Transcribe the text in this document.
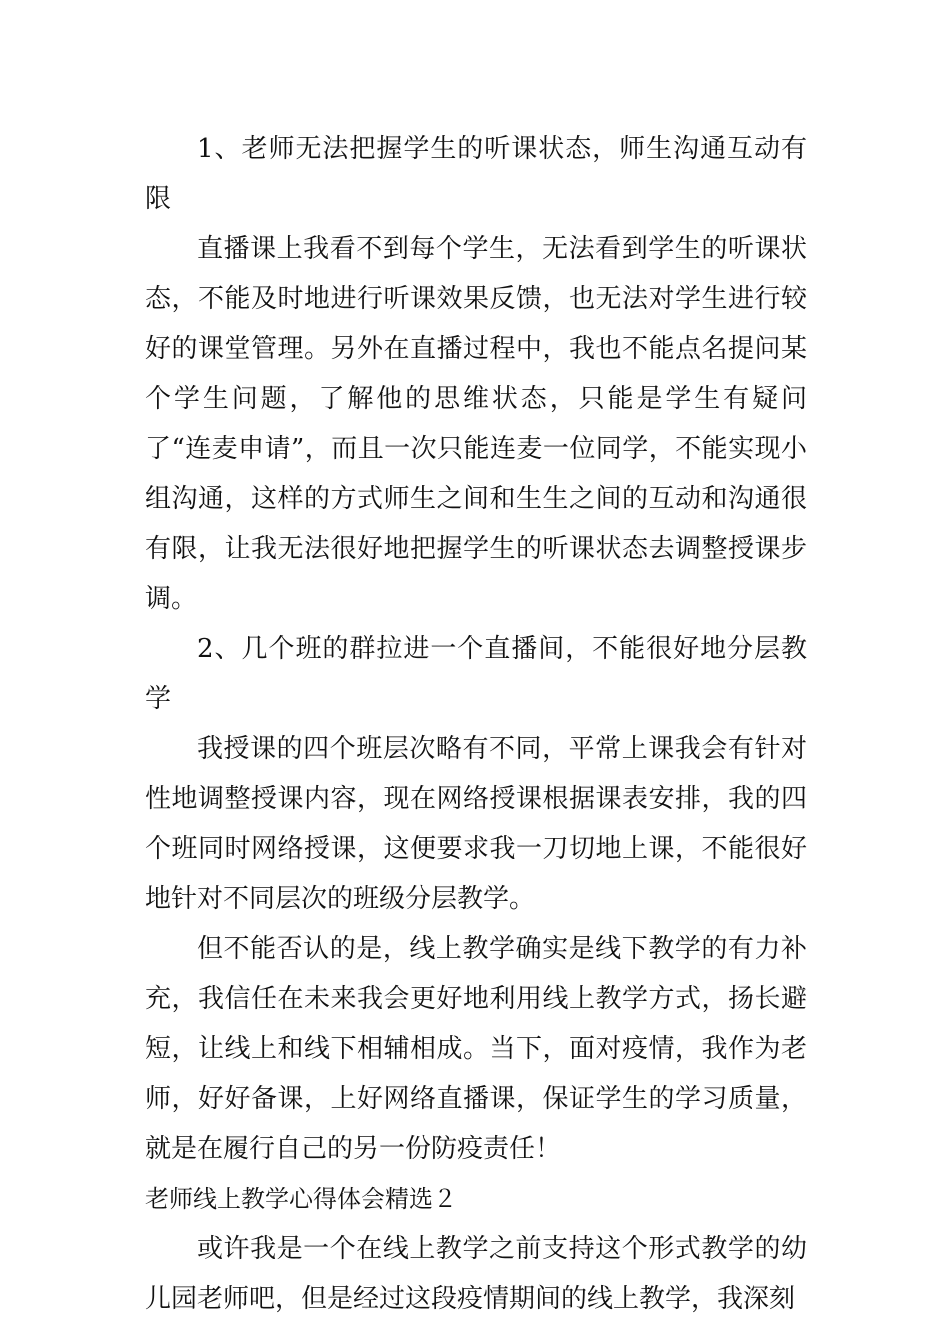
1、老师无法把握学生的听课状态，师生沟通互动有限

直播课上我看不到每个学生，无法看到学生的听课状态，不能及时地进行听课效果反馈，也无法对学生进行较好的课堂管理。另外在直播过程中，我也不能点名提问某个学生问题，了解他的思维状态，只能是学生有疑问了“连麦申请”，而且一次只能连麦一位同学，不能实现小组沟通，这样的方式师生之间和生生之间的互动和沟通很有限，让我无法很好地把握学生的听课状态去调整授课步调。

2、几个班的群拉进一个直播间，不能很好地分层教学

我授课的四个班层次略有不同，平常上课我会有针对性地调整授课内容，现在网络授课根据课表安排，我的四个班同时网络授课，这便要求我一刀切地上课，不能很好地针对不同层次的班级分层教学。

但不能否认的是，线上教学确实是线下教学的有力补充，我信任在未来我会更好地利用线上教学方式，扬长避短，让线上和线下相辅相成。当下，面对疫情，我作为老师，好好备课，上好网络直播课，保证学生的学习质量，就是在履行自己的另一份防疫责任！

老师线上教学心得体会精选２

或许我是一个在线上教学之前支持这个形式教学的幼儿园老师吧，但是经过这段疫情期间的线上教学，我深刻
